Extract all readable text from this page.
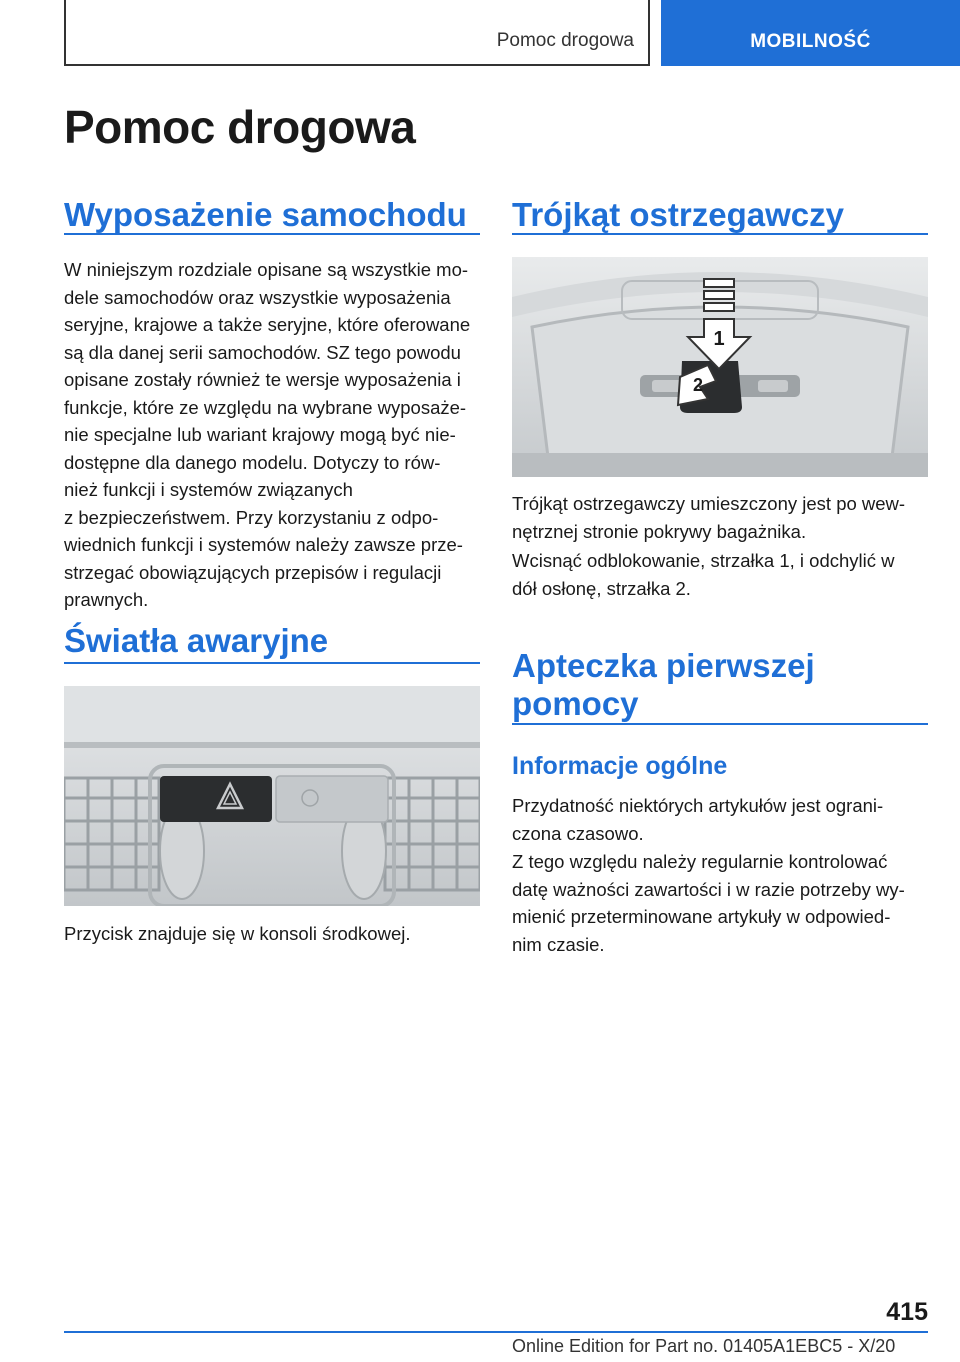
Pomoc drogowa	MOBILNOŚĆ
Pomoc drogowa
Wyposażenie samochodu
W niniejszym rozdziale opisane są wszystkie mo‐
dele samochodów oraz wszystkie wyposażenia
seryjne, krajowe a także seryjne, które oferowane
są dla danej serii samochodów. SZ tego powodu
opisane zostały również te wersje wyposażenia i
funkcje, które ze względu na wybrane wyposaże‐
nie specjalne lub wariant krajowy mogą być nie‐
dostępne dla danego modelu. Dotyczy to rów‐
nież funkcji i systemów związanych
z bezpieczeństwem. Przy korzystaniu z odpo‐
wiednich funkcji i systemów należy zawsze prze‐
strzegać obowiązujących przepisów i regulacji
prawnych.
Światła awaryjne
Przycisk znajduje się w konsoli środkowej.
Trójkąt ostrzegawczy
1
2
Trójkąt ostrzegawczy umieszczony jest po wew‐
nętrznej stronie pokrywy bagażnika.
Wcisnąć odblokowanie, strzałka 1, i odchylić w
dół osłonę, strzałka 2.
Apteczka pierwszej
pomocy
Informacje ogólne
Przydatność niektórych artykułów jest ograni‐
czona czasowo.
Z tego względu należy regularnie kontrolować
datę ważności zawartości i w razie potrzeby wy‐
mienić przeterminowane artykuły w odpowied‐
nim czasie.
415
Online Edition for Part no. 01405A1EBC5 - X/20
